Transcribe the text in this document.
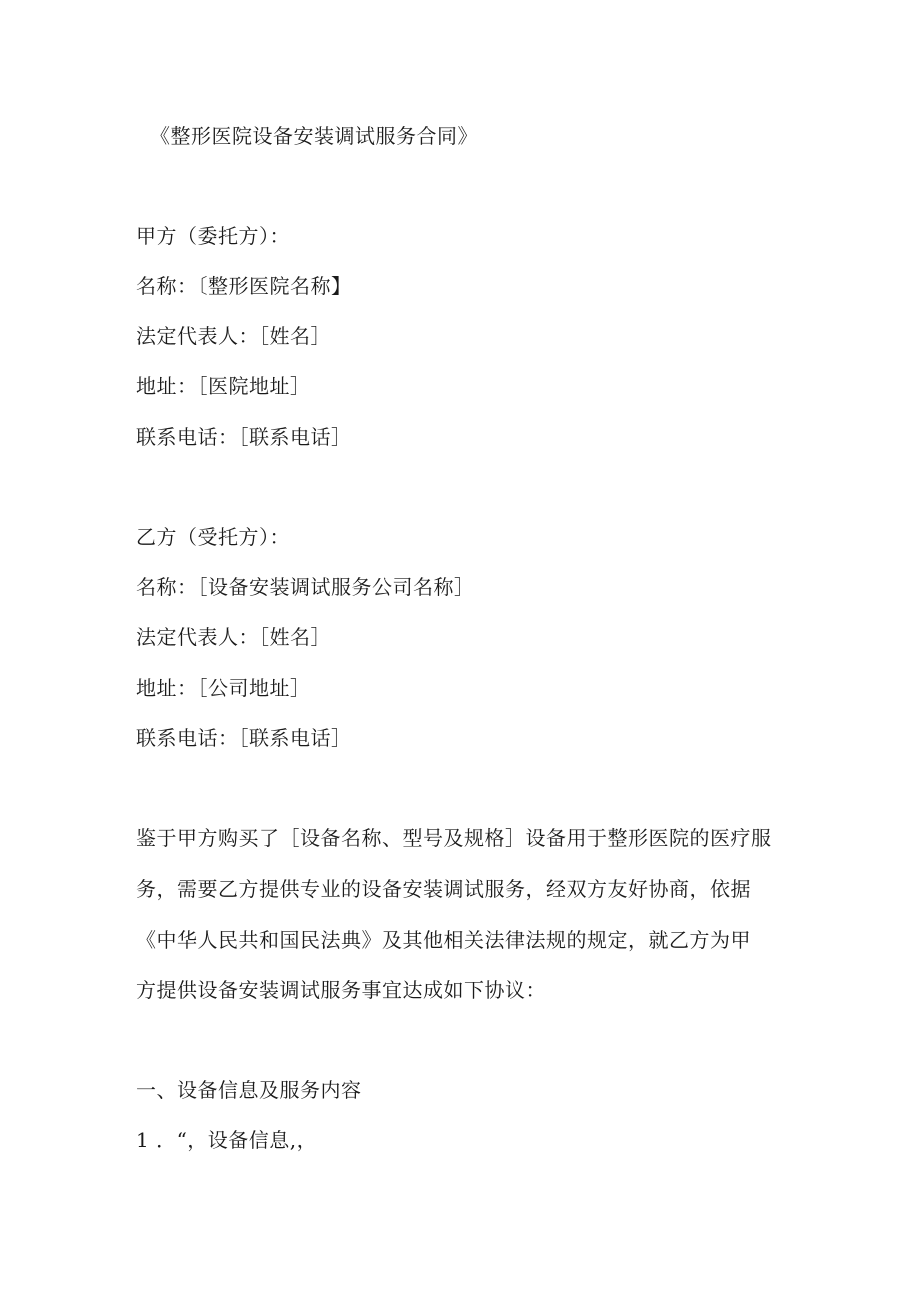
《整形医院设备安装调试服务合同》
甲方（委托方）：
名称：〔整形医院名称】
法定代表人：［姓名］
地址：［医院地址］
联系电话：［联系电话］
乙方（受托方）：
名称：［设备安装调试服务公司名称］
法定代表人：［姓名］
地址：［公司地址］
联系电话：［联系电话］
鉴于甲方购买了［设备名称、型号及规格］设备用于整形医院的医疗服
务，需要乙方提供专业的设备安装调试服务，经双方友好协商，依据
《中华人民共和国民法典》及其他相关法律法规的规定，就乙方为甲
方提供设备安装调试服务事宜达成如下协议：
一、设备信息及服务内容
1 ．“，设备信息,，
